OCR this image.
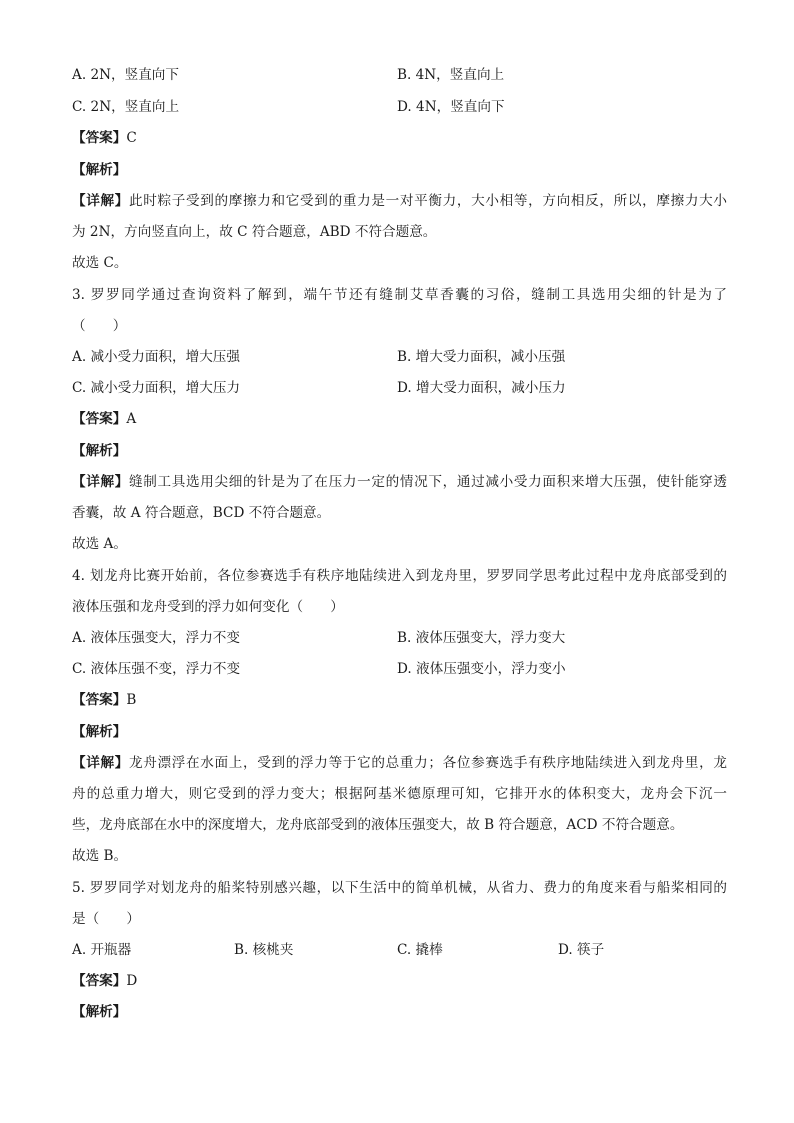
A. 2N，竖直向下	B. 4N，竖直向上
C. 2N，竖直向上	D. 4N，竖直向下
【答案】C
【解析】
【详解】此时粽子受到的摩擦力和它受到的重力是一对平衡力，大小相等，方向相反，所以，摩擦力大小
为 2N，方向竖直向上，故 C 符合题意，ABD 不符合题意。
故选 C。
3. 罗罗同学通过查询资料了解到，端午节还有缝制艾草香囊的习俗，缝制工具选用尖细的针是为了
（　　）
A. 减小受力面积，增大压强	B. 增大受力面积，减小压强
C. 减小受力面积，增大压力	D. 增大受力面积，减小压力
【答案】A
【解析】
【详解】缝制工具选用尖细的针是为了在压力一定的情况下，通过减小受力面积来增大压强，使针能穿透
香囊，故 A 符合题意，BCD 不符合题意。
故选 A。
4. 划龙舟比赛开始前，各位参赛选手有秩序地陆续进入到龙舟里，罗罗同学思考此过程中龙舟底部受到的
液体压强和龙舟受到的浮力如何变化（　　）
A. 液体压强变大，浮力不变	B. 液体压强变大，浮力变大
C. 液体压强不变，浮力不变	D. 液体压强变小，浮力变小
【答案】B
【解析】
【详解】龙舟漂浮在水面上，受到的浮力等于它的总重力；各位参赛选手有秩序地陆续进入到龙舟里，龙
舟的总重力增大，则它受到的浮力变大；根据阿基米德原理可知，它排开水的体积变大，龙舟会下沉一
些，龙舟底部在水中的深度增大，龙舟底部受到的液体压强变大，故 B 符合题意，ACD 不符合题意。
故选 B。
5. 罗罗同学对划龙舟的船桨特别感兴趣，以下生活中的简单机械，从省力、费力的角度来看与船桨相同的
是（　　）
A. 开瓶器	B. 核桃夹	C. 撬棒	D. 筷子
【答案】D
【解析】
